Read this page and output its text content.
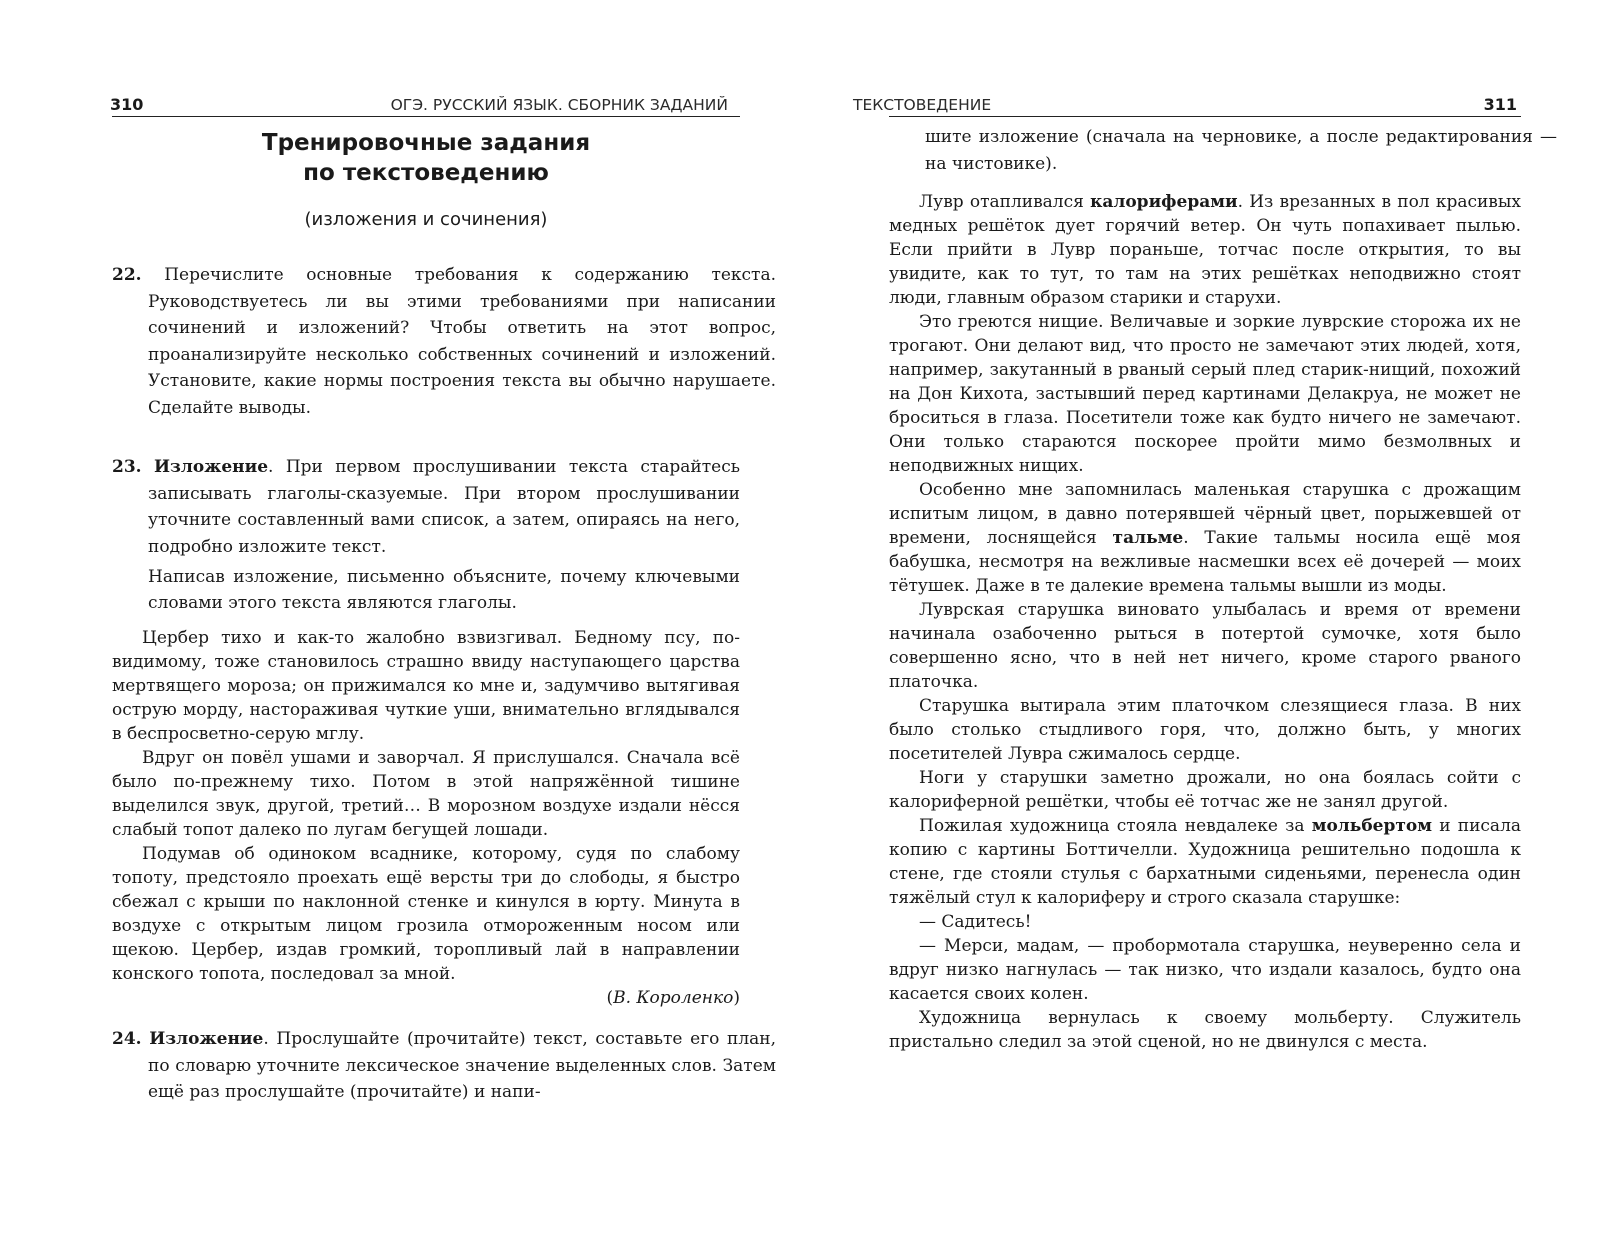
310	ОГЭ. РУССКИЙ ЯЗЫК. СБОРНИК ЗАДАНИЙ
Тренировочные задания
по текстоведению
(изложения и сочинения)
22. Перечислите основные требования к содержанию текста. Руководствуетесь ли вы этими требованиями при написании сочинений и изложений? Чтобы ответить на этот вопрос, проанализируйте несколько собственных сочинений и изложений. Установите, какие нормы построения текста вы обычно нарушаете. Сделайте выводы.
23. Изложение. При первом прослушивании текста старайтесь записывать глаголы-сказуемые. При втором прослушивании уточните составленный вами список, а затем, опираясь на него, подробно изложите текст.
Написав изложение, письменно объясните, почему ключевыми словами этого текста являются глаголы.

Цербер тихо и как-то жалобно взвизгивал. Бедному псу, по-видимому, тоже становилось страшно ввиду наступающего царства мертвящего мороза; он прижимался ко мне и, задумчиво вытягивая острую морду, настораживая чуткие уши, внимательно вглядывался в беспросветно-серую мглу.

Вдруг он повёл ушами и заворчал. Я прислушался. Сначала всё было по-прежнему тихо. Потом в этой напряжённой тишине выделился звук, другой, третий… В морозном воздухе издали нёсся слабый топот далеко по лугам бегущей лошади.

Подумав об одиноком всаднике, которому, судя по слабому топоту, предстояло проехать ещё версты три до слободы, я быстро сбежал с крыши по наклонной стенке и кинулся в юрту. Минута в воздухе с открытым лицом грозила отмороженным носом или щекою. Цербер, издав громкий, торопливый лай в направлении конского топота, последовал за мной.

(В. Короленко)
24. Изложение. Прослушайте (прочитайте) текст, составьте его план, по словарю уточните лексическое значение выделенных слов. Затем ещё раз прослушайте (прочитайте) и напи-
ТЕКСТОВЕДЕНИЕ	311
шите изложение (сначала на черновике, а после редактирования — на чистовике).

Лувр отапливался калориферами. Из врезанных в пол красивых медных решёток дует горячий ветер. Он чуть попахивает пылью. Если прийти в Лувр пораньше, тотчас после открытия, то вы увидите, как то тут, то там на этих решётках неподвижно стоят люди, главным образом старики и старухи.

Это греются нищие. Величавые и зоркие луврские сторожа их не трогают. Они делают вид, что просто не замечают этих людей, хотя, например, закутанный в рваный серый плед старик-нищий, похожий на Дон Кихота, застывший перед картинами Делакруа, не может не броситься в глаза. Посетители тоже как будто ничего не замечают. Они только стараются поскорее пройти мимо безмолвных и неподвижных нищих.

Особенно мне запомнилась маленькая старушка с дрожащим испитым лицом, в давно потерявшей чёрный цвет, порыжевшей от времени, лоснящейся тальме. Такие тальмы носила ещё моя бабушка, несмотря на вежливые насмешки всех её дочерей — моих тётушек. Даже в те далекие времена тальмы вышли из моды.

Луврская старушка виновато улыбалась и время от времени начинала озабоченно рыться в потертой сумочке, хотя было совершенно ясно, что в ней нет ничего, кроме старого рваного платочка.

Старушка вытирала этим платочком слезящиеся глаза. В них было столько стыдливого горя, что, должно быть, у многих посетителей Лувра сжималось сердце.

Ноги у старушки заметно дрожали, но она боялась сойти с калориферной решётки, чтобы её тотчас же не занял другой.

Пожилая художница стояла невдалеке за мольбертом и писала копию с картины Боттичелли. Художница решительно подошла к стене, где стояли стулья с бархатными сиденьями, перенесла один тяжёлый стул к калориферу и строго сказала старушке:

— Садитесь!

— Мерси, мадам, — пробормотала старушка, неуверенно села и вдруг низко нагнулась — так низко, что издали казалось, будто она касается своих колен.

Художница вернулась к своему мольберту. Служитель пристально следил за этой сценой, но не двинулся с места.
